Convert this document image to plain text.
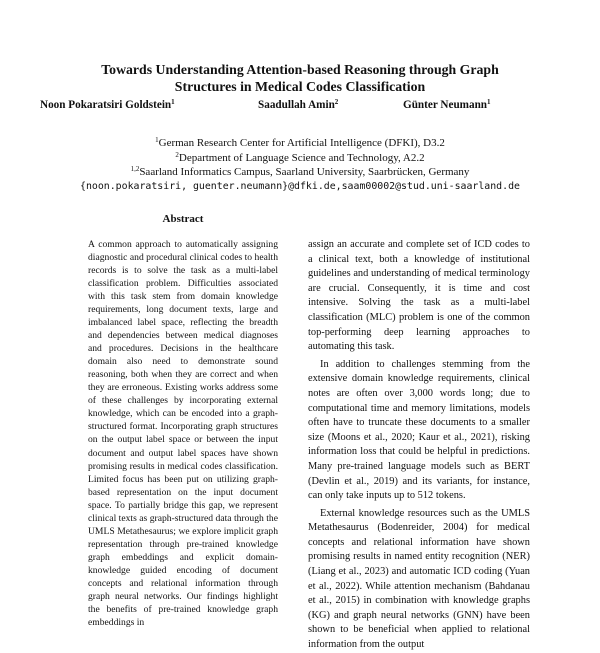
Towards Understanding Attention-based Reasoning through Graph
Structures in Medical Codes Classification
Noon Pokaratsiri Goldstein$^1$	Saadullah Amin$^2$	Günter Neumann$^1$
$^1$German Research Center for Artificial Intelligence (DFKI), D3.2
$^2$Department of Language Science and Technology, A2.2
$^{1,2}$Saarland Informatics Campus, Saarland University, Saarbrücken, Germany
{noon.pokaratsiri, guenter.neumann}@dfki.de,saam00002@stud.uni-saarland.de
Abstract

A common approach to automatically assigning diagnostic and procedural clinical codes to health records is to solve the task as a multi-label classification problem. Difficulties associated with this task stem from domain knowledge requirements, long document texts, large and imbalanced label space, reflecting the breadth and dependencies between medical diagnoses and procedures. Decisions in the healthcare domain also need to demonstrate sound reasoning, both when they are correct and when they are erroneous. Existing works address some of these challenges by incorporating external knowledge, which can be encoded into a graph-structured format. Incorporating graph structures on the output label space or between the input document and output label spaces have shown promising results in medical codes classification. Limited focus has been put on utilizing graph-based representation on the input document space. To partially bridge this gap, we represent clinical texts as graph-structured data through the UMLS Metathesaurus; we explore implicit graph representation through pre-trained knowledge graph embeddings and explicit domain-knowledge guided encoding of document concepts and relational information through graph neural networks. Our findings highlight the benefits of pre-trained knowledge graph embeddings in

assign an accurate and complete set of ICD codes to a clinical text, both a knowledge of institutional guidelines and understanding of medical terminology are crucial. Consequently, it is time and cost intensive. Solving the task as a multi-label classification (MLC) problem is one of the common top-performing deep learning approaches to automating this task.

In addition to challenges stemming from the extensive domain knowledge requirements, clinical notes are often over 3,000 words long; due to computational time and memory limitations, models often have to truncate these documents to a smaller size (Moons et al., 2020; Kaur et al., 2021), risking information loss that could be helpful in predictions. Many pre-trained language models such as BERT (Devlin et al., 2019) and its variants, for instance, can only take inputs up to 512 tokens.

External knowledge resources such as the UMLS Metathesaurus (Bodenreider, 2004) for medical concepts and relational information have shown promising results in named entity recognition (NER) (Liang et al., 2023) and automatic ICD coding (Yuan et al., 2022). While attention mechanism (Bahdanau et al., 2015) in combination with knowledge graphs (KG) and graph neural networks (GNN) have been shown to be beneficial when applied to relational information from the output
